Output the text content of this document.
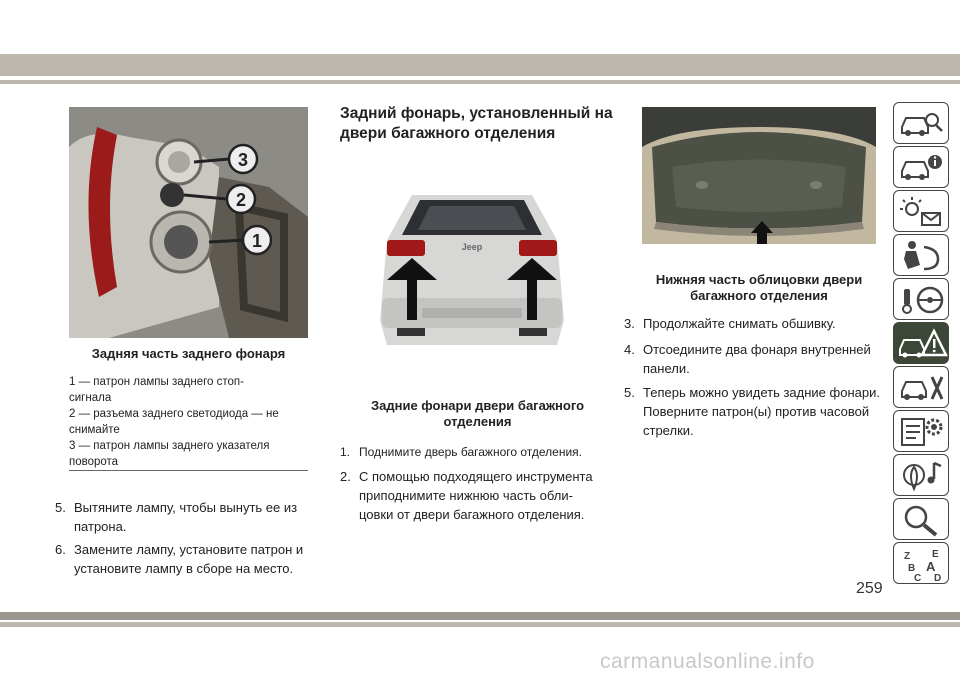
3
2
1
Задняя часть заднего фонаря
1 — патрон лампы заднего стоп-
сигнала
2 — разъема заднего светодиода — не
снимайте
3 — патрон лампы заднего указателя
поворота
5. Вытяните лампу, чтобы вынуть ее из
патрона.
6. Замените лампу, установите патрон и
установите лампу в сборе на место.
Задний фонарь, установленный на
двери багажного отделения
Jeep
Задние фонари двери багажного
отделения
1. Поднимите дверь багажного отделения.
2. С помощью подходящего инструмента
приподнимите нижнюю часть обли-
цовки от двери багажного отделения.
Нижняя часть облицовки двери
багажного отделения
3. Продолжайте снимать обшивку.
4. Отсоедините два фонаря внутренней
панели.
5. Теперь можно увидеть задние фонари.
Поверните патрон(ы) против часовой
стрелки.
Z E
B A
C D
259
carmanualsonline.info
